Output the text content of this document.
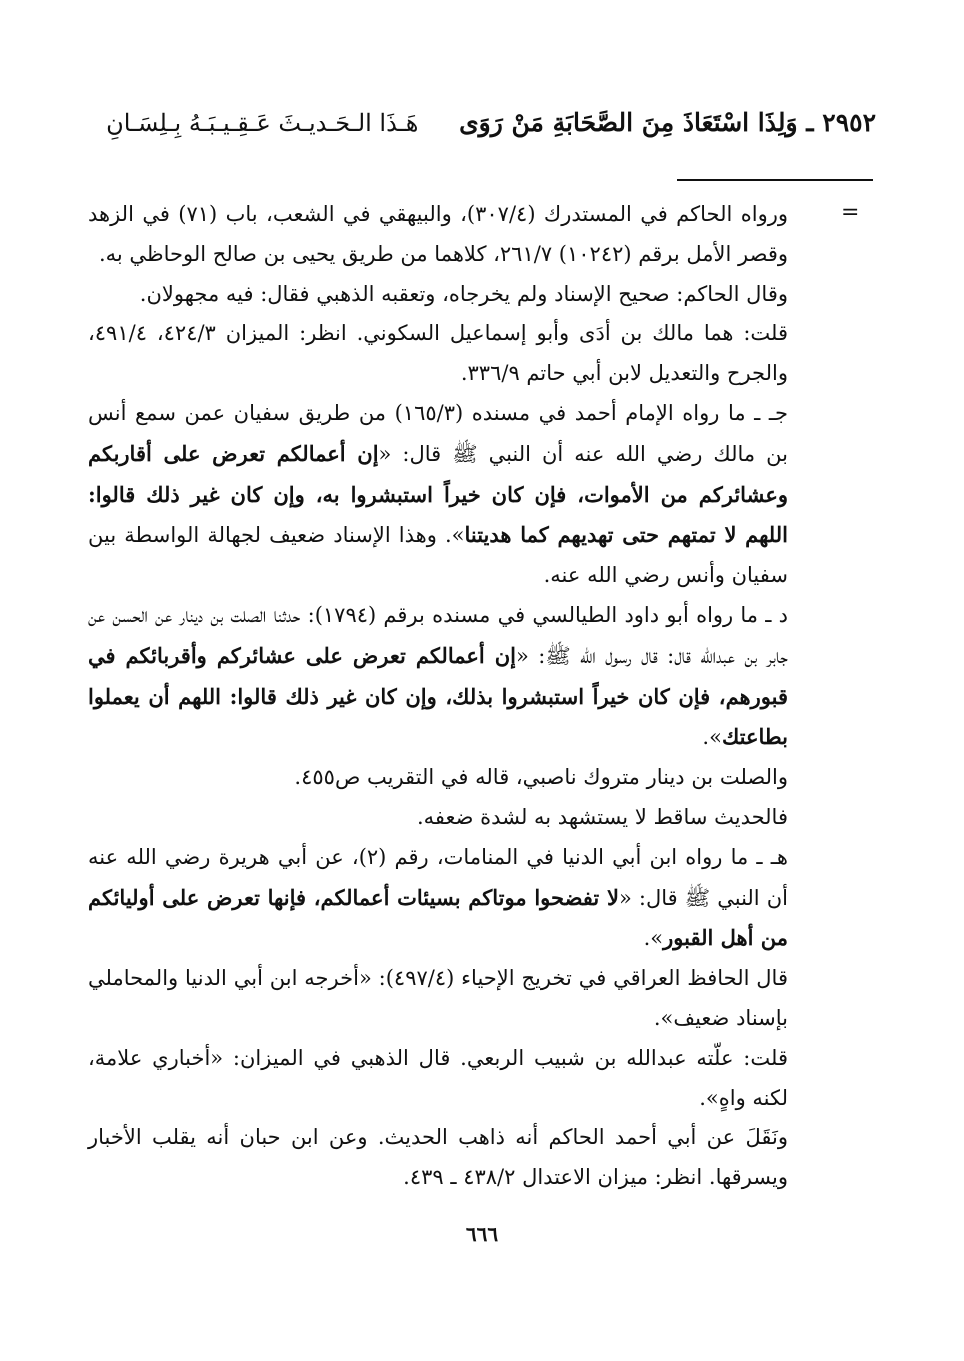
٢٩٥٢ ـ وَلِذَا اسْتَعَاذَ مِنَ الصَّحَابَةِ مَنْ رَوَى هَـذَا الـحَـديـثَ عَـقِـيـبَـهُ بِـلِسَـانِ
=

وروا‌ه الحاكم في المستدرك (٣٠٧/٤)، والبيهقي في الشعب، باب (٧١) في الزهد وقصر الأمل برقم (١٠٢٤٢) ٢٦١/٧، كلاهما من طريق يحيى بن صالح الوحاظي به.

وقال الحاكم: صحيح الإسناد ولم يخرجاه، وتعقبه الذهبي فقال: فيه مجهولان.

قلت: هما مالك بن أدَى وأبو إسماعيل السكوني. انظر: الميزان ٤٢٤/٣، ٤٩١/٤، والجرح والتعديل لابن أبي حاتم ٣٣٦/٩.

جـ ـ ما رواه الإمام أحمد في مسنده (١٦٥/٣) من طريق سفيان عمن سمع أنس بن مالك رضي الله عنه أن النبي ﷺ قال: «إن أعمالكم تعرض على أقاربكم وعشائركم من الأموات، فإن كان خيراً استبشروا به، وإن كان غير ذلك قالوا: اللهم لا تمتهم حتى تهديهم كما هديتنا». وهذا الإسناد ضعيف لجهالة الواسطة بين سفيان وأنس رضي الله عنه.

د ـ ما رواه أبو داود الطيالسي في مسنده برقم (١٧٩٤): حدثنا الصلت بن دينار عن الحسن عن جابر بن عبدالله قال: قال رسول الله ﷺ: «إن أعمالكم تعرض على عشائركم وأقربائكم في قبورهم، فإن كان خيراً استبشروا بذلك، وإن كان غير ذلك قالوا: اللهم أن يعملوا بطاعتك».

والصلت بن دينار متروك ناصبي، قاله في التقريب ص٤٥٥.

فالحديث ساقط لا يستشهد به لشدة ضعفه.

هـ ـ ما رواه ابن أبي الدنيا في المنامات، رقم (٢)، عن أبي هريرة رضي الله عنه أن النبي ﷺ قال: «لا تفضحوا موتاكم بسيئات أعمالكم، فإنها تعرض على أوليائكم من أهل القبور».

قال الحافظ العراقي في تخريج الإحياء (٤٩٧/٤): «أخرجه ابن أبي الدنيا والمحاملي بإسناد ضعيف».

قلت: علّته عبدالله بن شبيب الربعي. قال الذهبي في الميزان: «أخباري علامة، لكنه واهٍ».

ونَقَلَ عن أبي أحمد الحاكم أنه ذاهب الحديث. وعن ابن حبان أنه يقلب الأخبار ويسرقها. انظر: ميزان الاعتدال ٤٣٨/٢ ـ ٤٣٩.

٦٦٦
